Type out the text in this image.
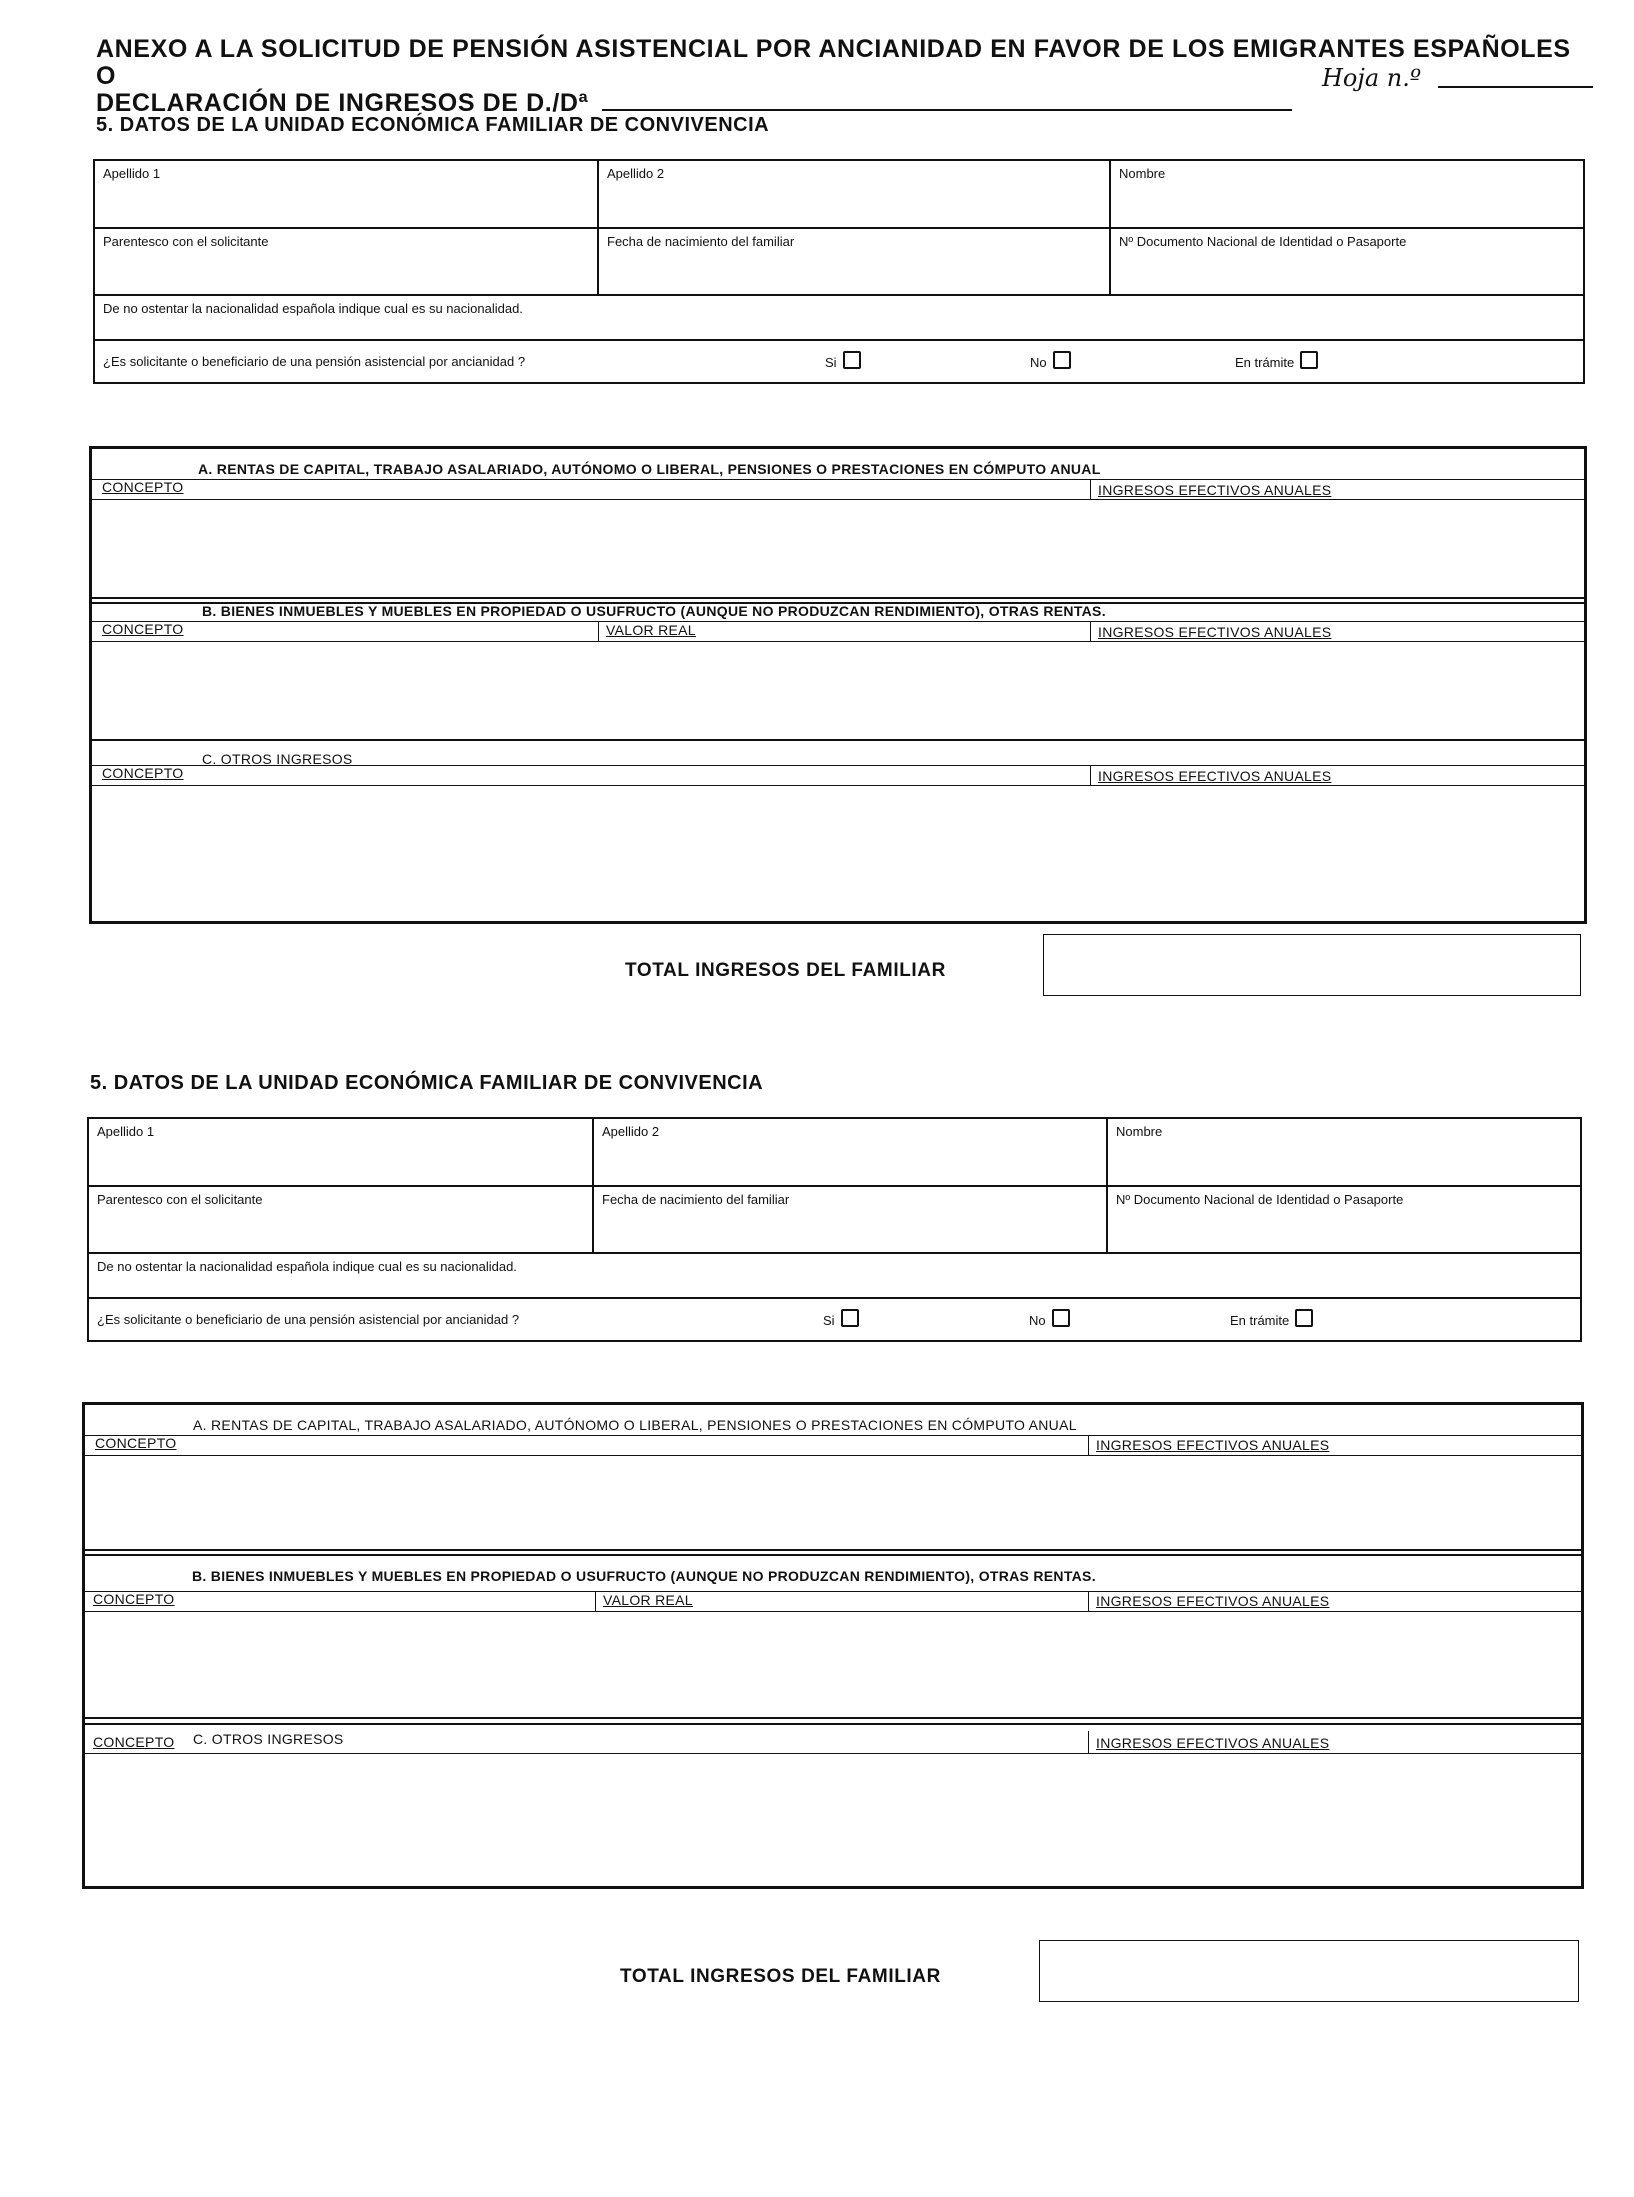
ANEXO A LA SOLICITUD DE PENSIÓN ASISTENCIAL POR ANCIANIDAD EN FAVOR DE LOS EMIGRANTES ESPAÑOLES O
DECLARACIÓN DE INGRESOS DE D./Dª
Hoja n.º
5. DATOS DE LA UNIDAD ECONÓMICA FAMILIAR DE CONVIVENCIA
Apellido 1	Apellido 2	Nombre
Parentesco con el solicitante	Fecha de nacimiento del familiar	Nº Documento Nacional de Identidad o Pasaporte
De no ostentar la nacionalidad española indique cual es su nacionalidad.
¿Es solicitante o beneficiario de una pensión asistencial por ancianidad ?	Si	No	En trámite
A. RENTAS DE CAPITAL, TRABAJO ASALARIADO, AUTÓNOMO O LIBERAL, PENSIONES O PRESTACIONES EN CÓMPUTO ANUAL
CONCEPTO	INGRESOS EFECTIVOS ANUALES
B. BIENES INMUEBLES Y MUEBLES EN PROPIEDAD O USUFRUCTO (AUNQUE NO PRODUZCAN RENDIMIENTO), OTRAS RENTAS.
CONCEPTO	VALOR REAL	INGRESOS EFECTIVOS ANUALES
C. OTROS INGRESOS
CONCEPTO	INGRESOS EFECTIVOS ANUALES
TOTAL INGRESOS DEL FAMILIAR
5. DATOS DE LA UNIDAD ECONÓMICA FAMILIAR DE CONVIVENCIA
Apellido 1	Apellido 2	Nombre
Parentesco con el solicitante	Fecha de nacimiento del familiar	Nº Documento Nacional de Identidad o Pasaporte
De no ostentar la nacionalidad española indique cual es su nacionalidad.
¿Es solicitante o beneficiario de una pensión asistencial por ancianidad ?	Si	No	En trámite
A. RENTAS DE CAPITAL, TRABAJO ASALARIADO, AUTÓNOMO O LIBERAL, PENSIONES O PRESTACIONES EN CÓMPUTO ANUAL
CONCEPTO	INGRESOS EFECTIVOS ANUALES
B. BIENES INMUEBLES Y MUEBLES EN PROPIEDAD O USUFRUCTO (AUNQUE NO PRODUZCAN RENDIMIENTO), OTRAS RENTAS.
CONCEPTO	VALOR REAL	INGRESOS EFECTIVOS ANUALES
CONCEPTO C. OTROS INGRESOS	INGRESOS EFECTIVOS ANUALES
TOTAL INGRESOS DEL FAMILIAR
